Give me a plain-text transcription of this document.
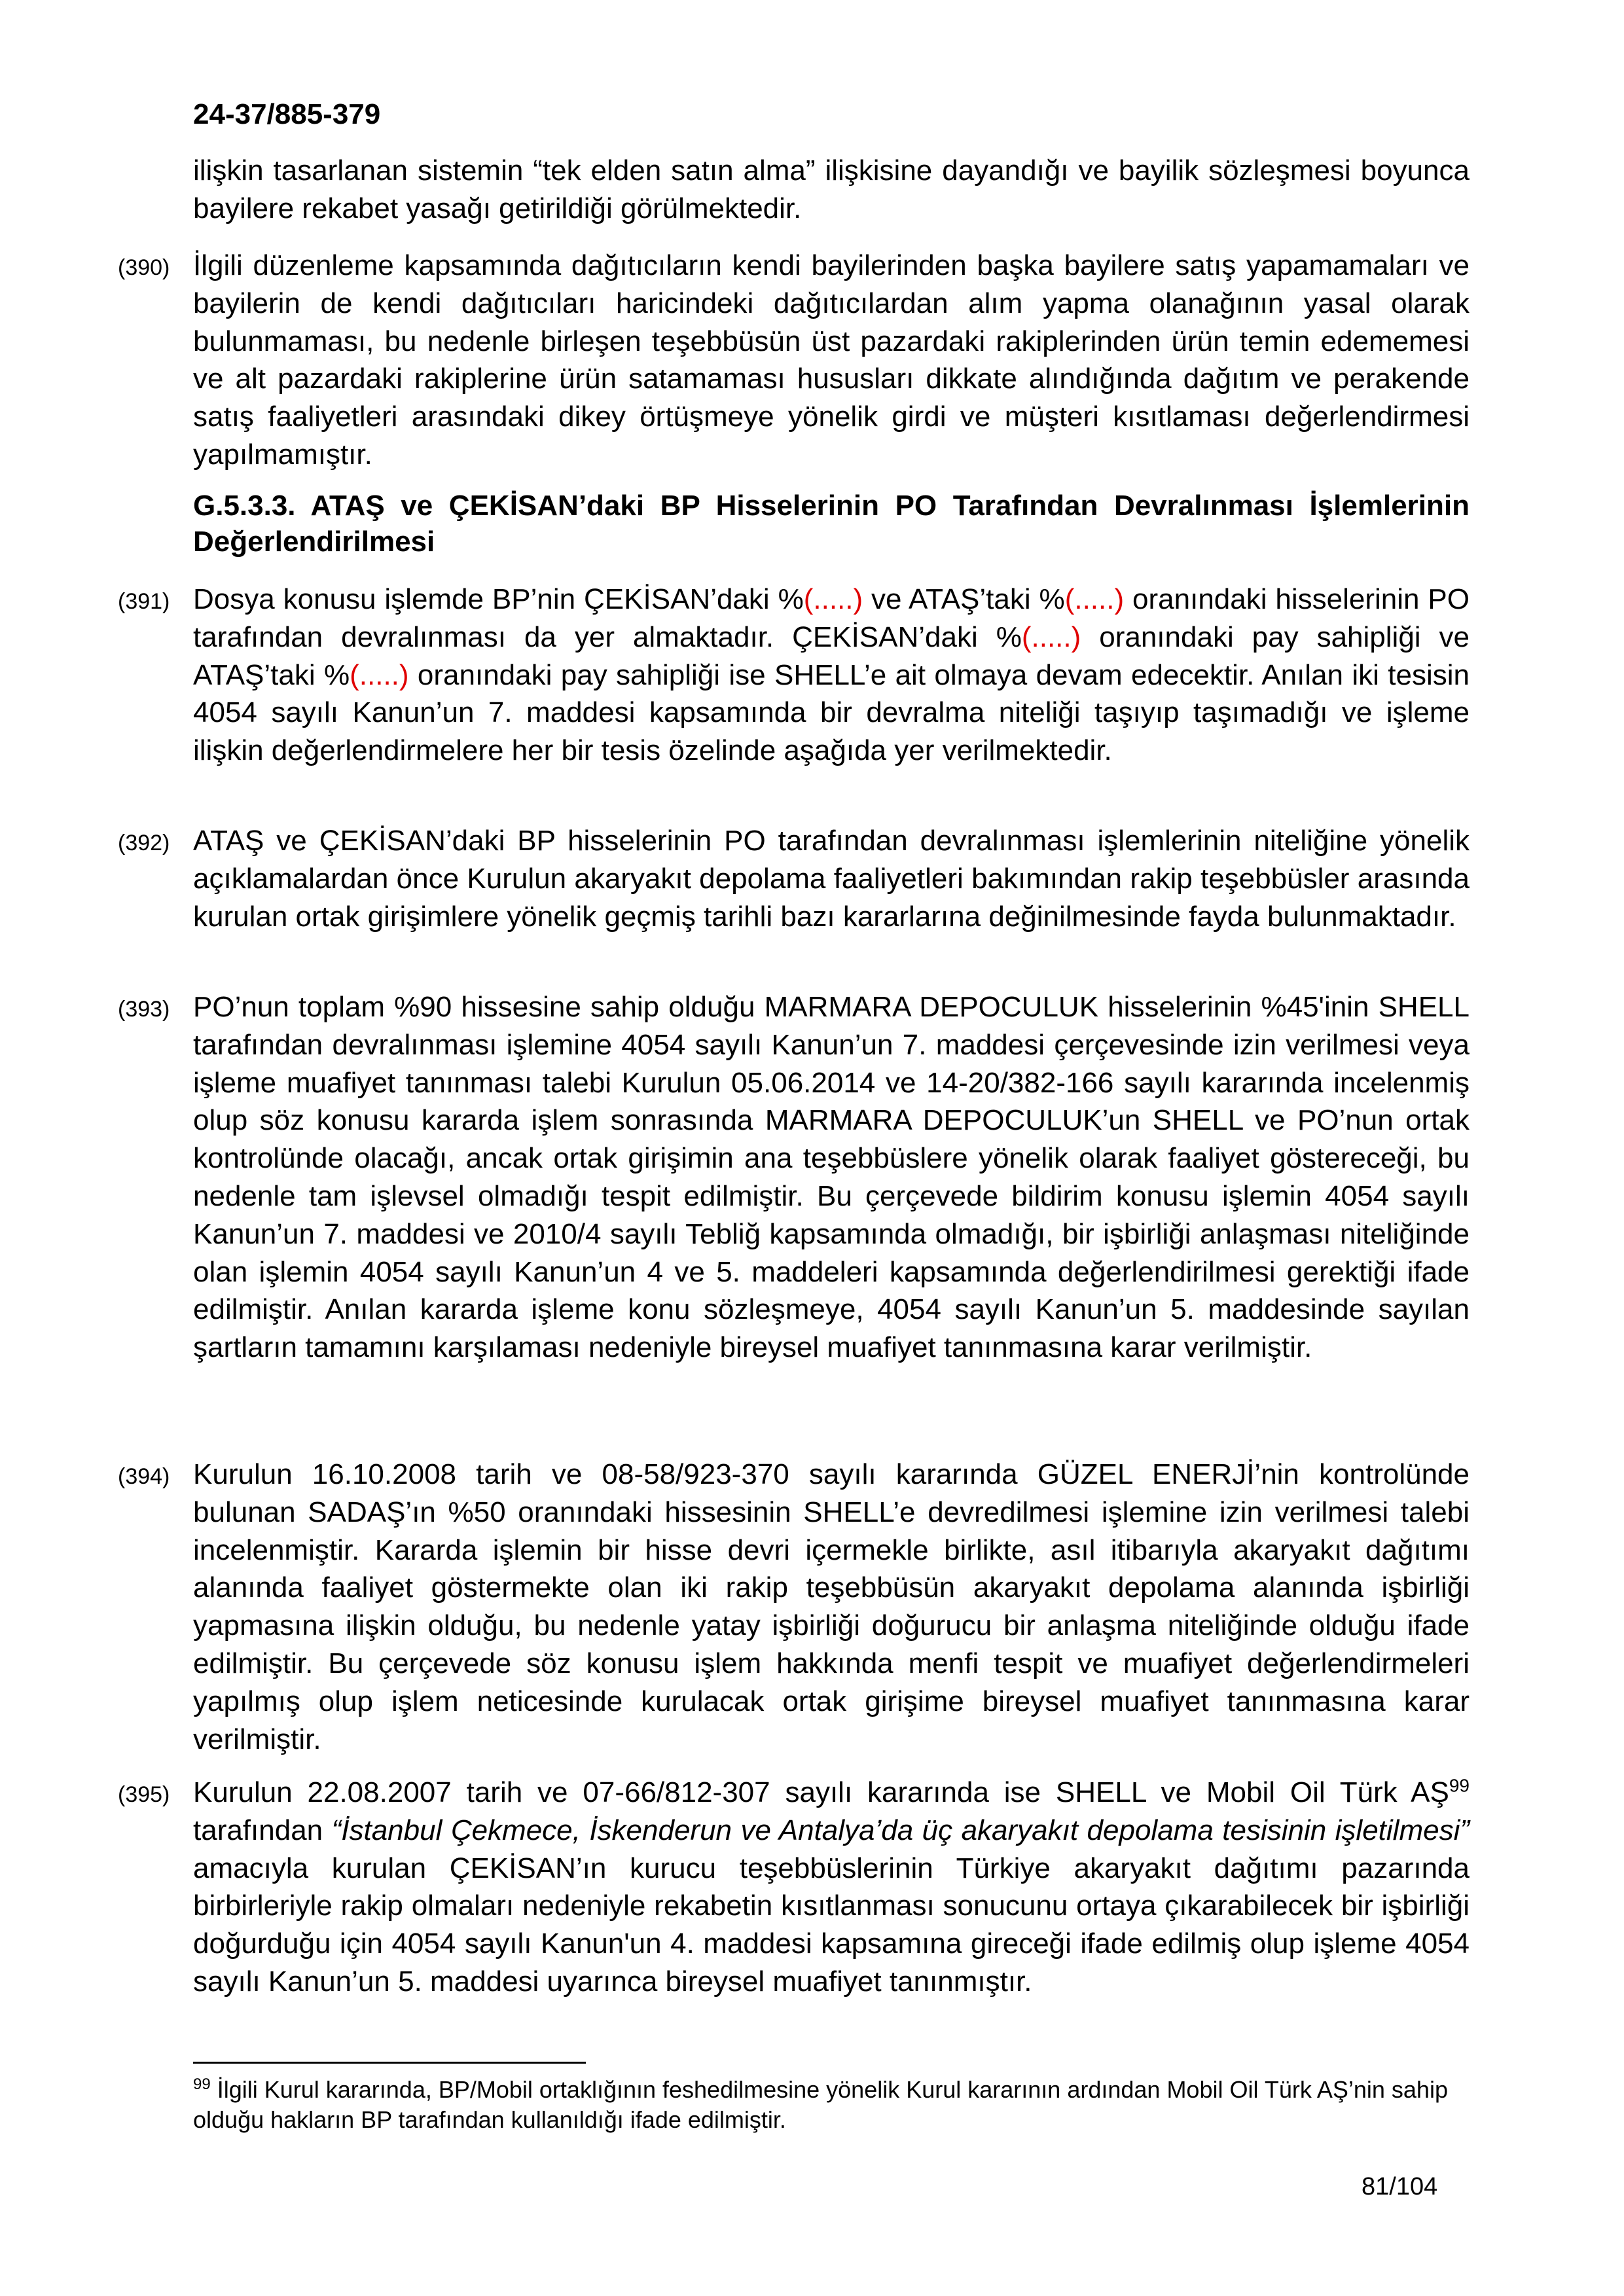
24-37/885-379
ilişkin tasarlanan sistemin “tek elden satın alma” ilişkisine dayandığı ve bayilik sözleşmesi boyunca bayilere rekabet yasağı getirildiği görülmektedir.
(390) İlgili düzenleme kapsamında dağıtıcıların kendi bayilerinden başka bayilere satış yapamamaları ve bayilerin de kendi dağıtıcıları haricindeki dağıtıcılardan alım yapma olanağının yasal olarak bulunmaması, bu nedenle birleşen teşebbüsün üst pazardaki rakiplerinden ürün temin edememesi ve alt pazardaki rakiplerine ürün satamaması hususları dikkate alındığında dağıtım ve perakende satış faaliyetleri arasındaki dikey örtüşmeye yönelik girdi ve müşteri kısıtlaması değerlendirmesi yapılmamıştır.
G.5.3.3. ATAŞ ve ÇEKİSAN’daki BP Hisselerinin PO Tarafından Devralınması İşlemlerinin Değerlendirilmesi
(391) Dosya konusu işlemde BP’nin ÇEKİSAN’daki %(.....) ve ATAŞ’taki %(.....) oranındaki hisselerinin PO tarafından devralınması da yer almaktadır. ÇEKİSAN’daki %(.....) oranındaki pay sahipliği ve ATAŞ’taki %(.....) oranındaki pay sahipliği ise SHELL’e ait olmaya devam edecektir. Anılan iki tesisin 4054 sayılı Kanun’un 7. maddesi kapsamında bir devralma niteliği taşıyıp taşımadığı ve işleme ilişkin değerlendirmelere her bir tesis özelinde aşağıda yer verilmektedir.
(392) ATAŞ ve ÇEKİSAN’daki BP hisselerinin PO tarafından devralınması işlemlerinin niteliğine yönelik açıklamalardan önce Kurulun akaryakıt depolama faaliyetleri bakımından rakip teşebbüsler arasında kurulan ortak girişimlere yönelik geçmiş tarihli bazı kararlarına değinilmesinde fayda bulunmaktadır.
(393) PO’nun toplam %90 hissesine sahip olduğu MARMARA DEPOCULUK hisselerinin %45'inin SHELL tarafından devralınması işlemine 4054 sayılı Kanun’un 7. maddesi çerçevesinde izin verilmesi veya işleme muafiyet tanınması talebi Kurulun 05.06.2014 ve 14-20/382-166 sayılı kararında incelenmiş olup söz konusu kararda işlem sonrasında MARMARA DEPOCULUK’un SHELL ve PO’nun ortak kontrolünde olacağı, ancak ortak girişimin ana teşebbüslere yönelik olarak faaliyet göstereceği, bu nedenle tam işlevsel olmadığı tespit edilmiştir. Bu çerçevede bildirim konusu işlemin 4054 sayılı Kanun’un 7. maddesi ve 2010/4 sayılı Tebliğ kapsamında olmadığı, bir işbirliği anlaşması niteliğinde olan işlemin 4054 sayılı Kanun’un 4 ve 5. maddeleri kapsamında değerlendirilmesi gerektiği ifade edilmiştir. Anılan kararda işleme konu sözleşmeye, 4054 sayılı Kanun’un 5. maddesinde sayılan şartların tamamını karşılaması nedeniyle bireysel muafiyet tanınmasına karar verilmiştir.
(394) Kurulun 16.10.2008 tarih ve 08-58/923-370 sayılı kararında GÜZEL ENERJİ’nin kontrolünde bulunan SADAŞ’ın %50 oranındaki hissesinin SHELL’e devredilmesi işlemine izin verilmesi talebi incelenmiştir. Kararda işlemin bir hisse devri içermekle birlikte, asıl itibarıyla akaryakıt dağıtımı alanında faaliyet göstermekte olan iki rakip teşebbüsün akaryakıt depolama alanında işbirliği yapmasına ilişkin olduğu, bu nedenle yatay işbirliği doğurucu bir anlaşma niteliğinde olduğu ifade edilmiştir. Bu çerçevede söz konusu işlem hakkında menfi tespit ve muafiyet değerlendirmeleri yapılmış olup işlem neticesinde kurulacak ortak girişime bireysel muafiyet tanınmasına karar verilmiştir.
(395) Kurulun 22.08.2007 tarih ve 07-66/812-307 sayılı kararında ise SHELL ve Mobil Oil Türk AŞ$^{99}$ tarafından “İstanbul Çekmece, İskenderun ve Antalya’da üç akaryakıt depolama tesisinin işletilmesi” amacıyla kurulan ÇEKİSAN’ın kurucu teşebbüslerinin Türkiye akaryakıt dağıtımı pazarında birbirleriyle rakip olmaları nedeniyle rekabetin kısıtlanması sonucunu ortaya çıkarabilecek bir işbirliği doğurduğu için 4054 sayılı Kanun'un 4. maddesi kapsamına gireceği ifade edilmiş olup işleme 4054 sayılı Kanun’un 5. maddesi uyarınca bireysel muafiyet tanınmıştır.
$^{99}$ İlgili Kurul kararında, BP/Mobil ortaklığının feshedilmesine yönelik Kurul kararının ardından Mobil Oil Türk AŞ’nin sahip olduğu hakların BP tarafından kullanıldığı ifade edilmiştir.
81/104
